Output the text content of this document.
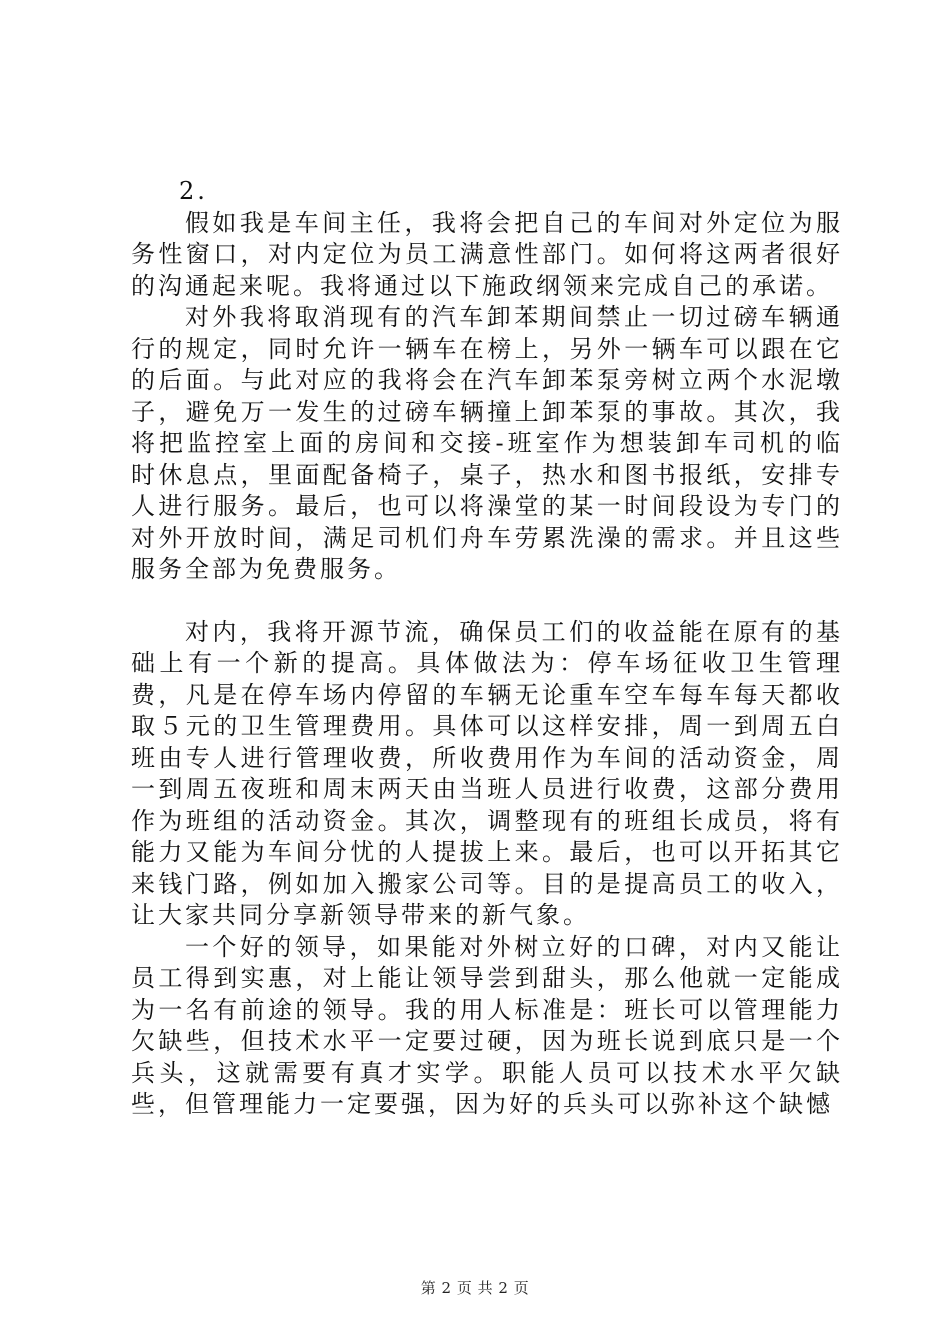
2.

假如我是车间主任，我将会把自己的车间对外定位为服务性窗口，对内定位为员工满意性部门。如何将这两者很好的沟通起来呢。我将通过以下施政纲领来完成自己的承诺。

对外我将取消现有的汽车卸苯期间禁止一切过磅车辆通行的规定，同时允许一辆车在榜上，另外一辆车可以跟在它的后面。与此对应的我将会在汽车卸苯泵旁树立两个水泥墩子，避免万一发生的过磅车辆撞上卸苯泵的事故。其次，我将把监控室上面的房间和交接-班室作为想装卸车司机的临时休息点，里面配备椅子，桌子，热水和图书报纸，安排专人进行服务。最后，也可以将澡堂的某一时间段设为专门的对外开放时间，满足司机们舟车劳累洗澡的需求。并且这些服务全部为免费服务。

对内，我将开源节流，确保员工们的收益能在原有的基础上有一个新的提高。具体做法为：停车场征收卫生管理费，凡是在停车场内停留的车辆无论重车空车每车每天都收取５元的卫生管理费用。具体可以这样安排，周一到周五白班由专人进行管理收费，所收费用作为车间的活动资金，周一到周五夜班和周末两天由当班人员进行收费，这部分费用作为班组的活动资金。其次，调整现有的班组长成员，将有能力又能为车间分忧的人提拔上来。最后，也可以开拓其它来钱门路，例如加入搬家公司等。目的是提高员工的收入，让大家共同分享新领导带来的新气象。

一个好的领导，如果能对外树立好的口碑，对内又能让员工得到实惠，对上能让领导尝到甜头，那么他就一定能成为一名有前途的领导。我的用人标准是：班长可以管理能力欠缺些，但技术水平一定要过硬，因为班长说到底只是一个兵头，这就需要有真才实学。职能人员可以技术水平欠缺些，但管理能力一定要强，因为好的兵头可以弥补这个缺憾

第 2 页 共 2 页
